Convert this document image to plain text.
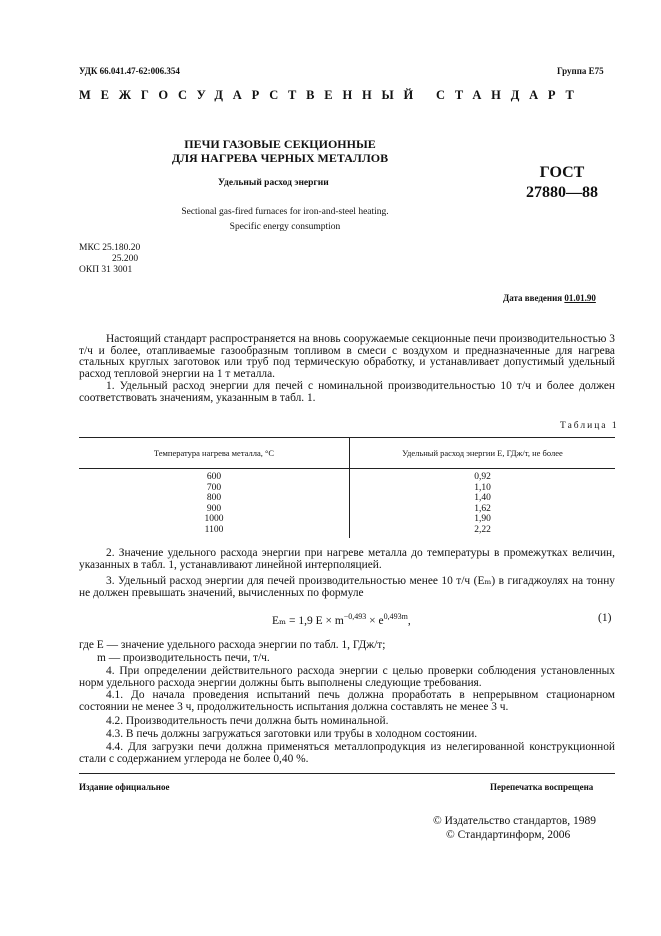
УДК 66.041.47-62:006.354	Группа Е75
МЕЖГОСУДАРСТВЕННЫЙ СТАНДАРТ
ПЕЧИ ГАЗОВЫЕ СЕКЦИОННЫЕ
ДЛЯ НАГРЕВА ЧЕРНЫХ МЕТАЛЛОВ
Удельный расход энергии
Sectional gas-fired furnaces for iron-and-steel heating.
Specific energy consumption
ГОСТ
27880—88
МКС 25.180.20
25.200
ОКП 31 3001
Дата введения 01.01.90
Настоящий стандарт распространяется на вновь сооружаемые секционные печи производительностью 3 т/ч и более, отапливаемые газообразным топливом в смеси с воздухом и предназначенные для нагрева стальных круглых заготовок или труб под термическую обработку, и устанавливает допустимый удельный расход тепловой энергии на 1 т металла.
1. Удельный расход энергии для печей с номинальной производительностью 10 т/ч и более должен соответствовать значениям, указанным в табл. 1.
Таблица 1
Температура нагрева металла, °С	Удельный расход энергии E, ГДж/т, не более
600	0,92
700	1,10
800	1,40
900	1,62
1000	1,90
1100	2,22
2. Значение удельного расхода энергии при нагреве металла до температуры в промежутках величин, указанных в табл. 1, устанавливают линейной интерполяцией.
3. Удельный расход энергии для печей производительностью менее 10 т/ч (Eₘ) в гигаджоулях на тонну не должен превышать значений, вычисленных по формуле
Eₘ = 1,9 $E \times m^{-0,493} \times e^{0,493m}$,	(1)
где E — значение удельного расхода энергии по табл. 1, ГДж/т;
m — производительность печи, т/ч.
4. При определении действительного расхода энергии с целью проверки соблюдения установленных норм удельного расхода энергии должны быть выполнены следующие требования.
4.1. До начала проведения испытаний печь должна проработать в непрерывном стационарном состоянии не менее 3 ч, продолжительность испытания должна составлять не менее 3 ч.
4.2. Производительность печи должна быть номинальной.
4.3. В печь должны загружаться заготовки или трубы в холодном состоянии.
4.4. Для загрузки печи должна применяться металлопродукция из нелегированной конструкционной стали с содержанием углерода не более 0,40 %.
Издание официальное	Перепечатка воспрещена
© Издательство стандартов, 1989
© Стандартинформ, 2006
